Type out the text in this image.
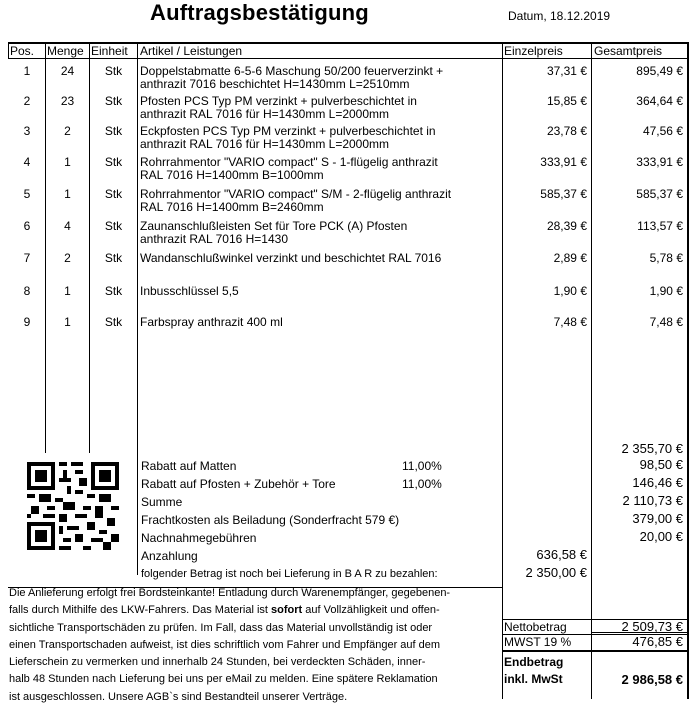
Auftragsbestätigung	Datum, 18.12.2019
Pos. Menge Einheit Artikel / Leistungen	Einzelpreis	Gesamtpreis
1	24	Stk	Doppelstabmatte 6-5-6 Maschung 50/200 feuerverzinkt +
anthrazit 7016 beschichtet H=1430mm L=2510mm
37,31 €	895,49 €
2	23	Stk	Pfosten PCS Typ PM verzinkt + pulverbeschichtet in
anthrazit RAL 7016 für H=1430mm L=2000mm
15,85 €	364,64 €
3	2	Stk	Eckpfosten PCS Typ PM verzinkt + pulverbeschichtet in
anthrazit RAL 7016 für H=1430mm L=2000mm
23,78 €	47,56 €
4	1	Stk	Rohrrahmentor "VARIO compact" S - 1-flügelig anthrazit
RAL 7016 H=1400mm B=1000mm
333,91 €	333,91 €
5	1	Stk	Rohrrahmentor "VARIO compact" S/M - 2-flügelig anthrazit
RAL 7016 H=1400mm B=2460mm
585,37 €	585,37 €
6	4	Stk	Zaunanschlußleisten Set für Tore PCK (A) Pfosten
anthrazit RAL 7016 H=1430
28,39 €	113,57 €
7	2	Stk	Wandanschlußwinkel verzinkt und beschichtet RAL 7016	2,89 €	5,78 €
8	1	Stk	Inbusschlüssel 5,5	1,90 €	1,90 €
9	1	Stk	Farbspray anthrazit 400 ml	7,48 €	7,48 €
2 355,70 €
Rabatt auf Matten	11,00%	98,50 €
Rabatt auf Pfosten + Zubehör + Tore	11,00%	146,46 €
Summe	2 110,73 €
Frachtkosten als Beiladung (Sonderfracht 579 €)	379,00 €
Nachnahmegebühren	20,00 €
Anzahlung	636,58 €
folgender Betrag ist noch bei Lieferung in B A R zu bezahlen:	2 350,00 €
Nettobetrag	2 509,73 €
MWST 19 %	476,85 €
Endbetrag
inkl. MwSt	2 986,58 €
Die Anlieferung erfolgt frei Bordsteinkante! Entladung durch Warenempfänger, gegebenen-
falls durch Mithilfe des LKW-Fahrers. Das Material ist sofort auf Vollzähligkeit und offen-
sichtliche Transportschäden zu prüfen. Im Fall, dass das Material unvollständig ist oder
einen Transportschaden aufweist, ist dies schriftlich vom Fahrer und Empfänger auf dem
Lieferschein zu vermerken und innerhalb 24 Stunden, bei verdeckten Schäden, inner-
halb 48 Stunden nach Lieferung bei uns per eMail zu melden. Eine spätere Reklamation
ist ausgeschlossen. Unsere AGB`s sind Bestandteil unserer Verträge.
